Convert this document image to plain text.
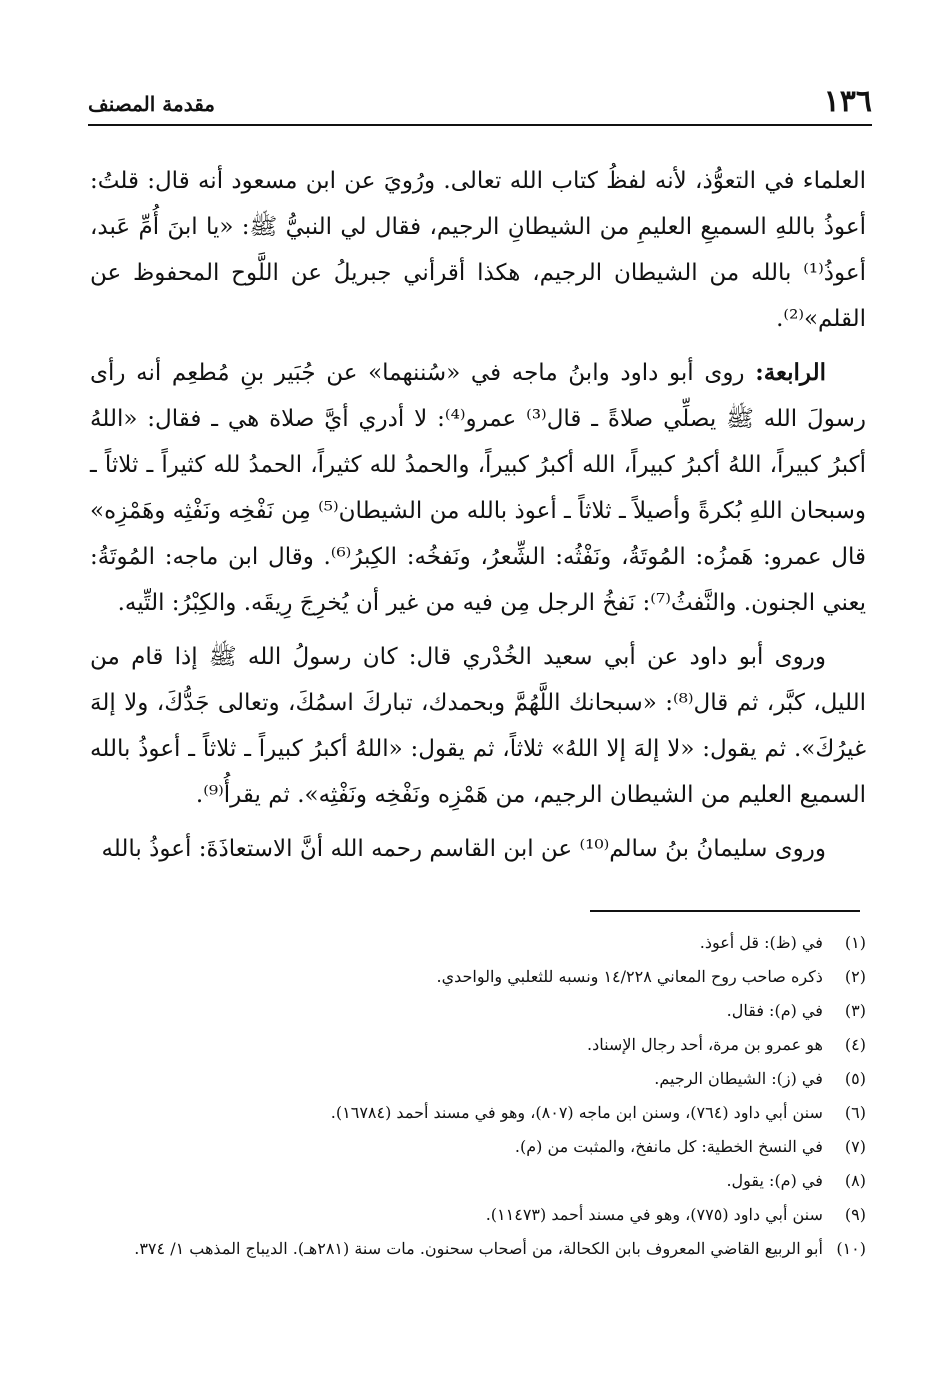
١٣٦
مقدمة المصنف

العلماء في التعوُّذ، لأنه لفظُ كتاب الله تعالى. ورُويَ عن ابن مسعود أنه قال: قلتُ: أعوذُ باللهِ السميعِ العليمِ من الشيطانِ الرجيم، فقال لي النبيُّ ﷺ: «يا ابنَ أُمِّ عَبد، أعوذُ⁽¹⁾ بالله من الشيطان الرجيم، هكذا أقرأني جبريلُ عن اللَّوح المحفوظ عن القلم»⁽²⁾.

الرابعة: روى أبو داود وابنُ ماجه في «سُننهما» عن جُبَير بنِ مُطعِم أنه رأى رسولَ الله ﷺ يصلِّي صلاةً ـ قال⁽³⁾ عمرو⁽⁴⁾: لا أدري أيَّ صلاة هي ـ فقال: «اللهُ أكبرُ كبيراً، اللهُ أكبرُ كبيراً، الله أكبرُ كبيراً، والحمدُ لله كثيراً، الحمدُ لله كثيراً ـ ثلاثاً ـ وسبحان اللهِ بُكرةً وأصيلاً ـ ثلاثاً ـ أعوذ بالله من الشيطان⁽⁵⁾ مِن نَفْخِه ونَفْثِه وهَمْزِه» قال عمرو: هَمزُه: المُوتَةُ، ونَفْثُه: الشِّعرُ، ونَفخُه: الكِبرُ⁽⁶⁾. وقال ابن ماجه: المُوتَةُ: يعني الجنون. والنَّفثُ⁽⁷⁾: نَفخُ الرجل مِن فيه من غير أن يُخرِجَ رِيقَه. والكِبْرُ: التِّيه.

وروى أبو داود عن أبي سعيد الخُدْري قال: كان رسولُ الله ﷺ إذا قام من الليل، كبَّر، ثم قال⁽⁸⁾: «سبحانك اللَّهُمَّ وبحمدك، تباركَ اسمُكَ، وتعالى جَدُّكَ، ولا إلهَ غيرُكَ». ثم يقول: «لا إلهَ إلا اللهُ» ثلاثاً، ثم يقول: «اللهُ أكبرُ كبيراً ـ ثلاثاً ـ أعوذُ بالله السميع العليم من الشيطان الرجيم، من هَمْزِه ونَفْخِه ونَفْثِه». ثم يقرأُ⁽⁹⁾.

وروى سليمانُ بنُ سالم⁽¹⁰⁾ عن ابن القاسم رحمه الله أنَّ الاستعاذَةَ: أعوذُ بالله

(١) في (ظ): قل أعوذ.
(٢) ذكره صاحب روح المعاني ١٤/٢٢٨ ونسبه للثعلبي والواحدي.
(٣) في (م): فقال.
(٤) هو عمرو بن مرة، أحد رجال الإسناد.
(٥) في (ز): الشيطان الرجيم.
(٦) سنن أبي داود (٧٦٤)، وسنن ابن ماجه (٨٠٧)، وهو في مسند أحمد (١٦٧٨٤).
(٧) في النسخ الخطية: كل مانفخ، والمثبت من (م).
(٨) في (م): يقول.
(٩) سنن أبي داود (٧٧٥)، وهو في مسند أحمد (١١٤٧٣).
(١٠) أبو الربيع القاضي المعروف بابن الكحالة، من أصحاب سحنون. مات سنة (٢٨١هـ). الديباج المذهب ١/ ٣٧٤.
